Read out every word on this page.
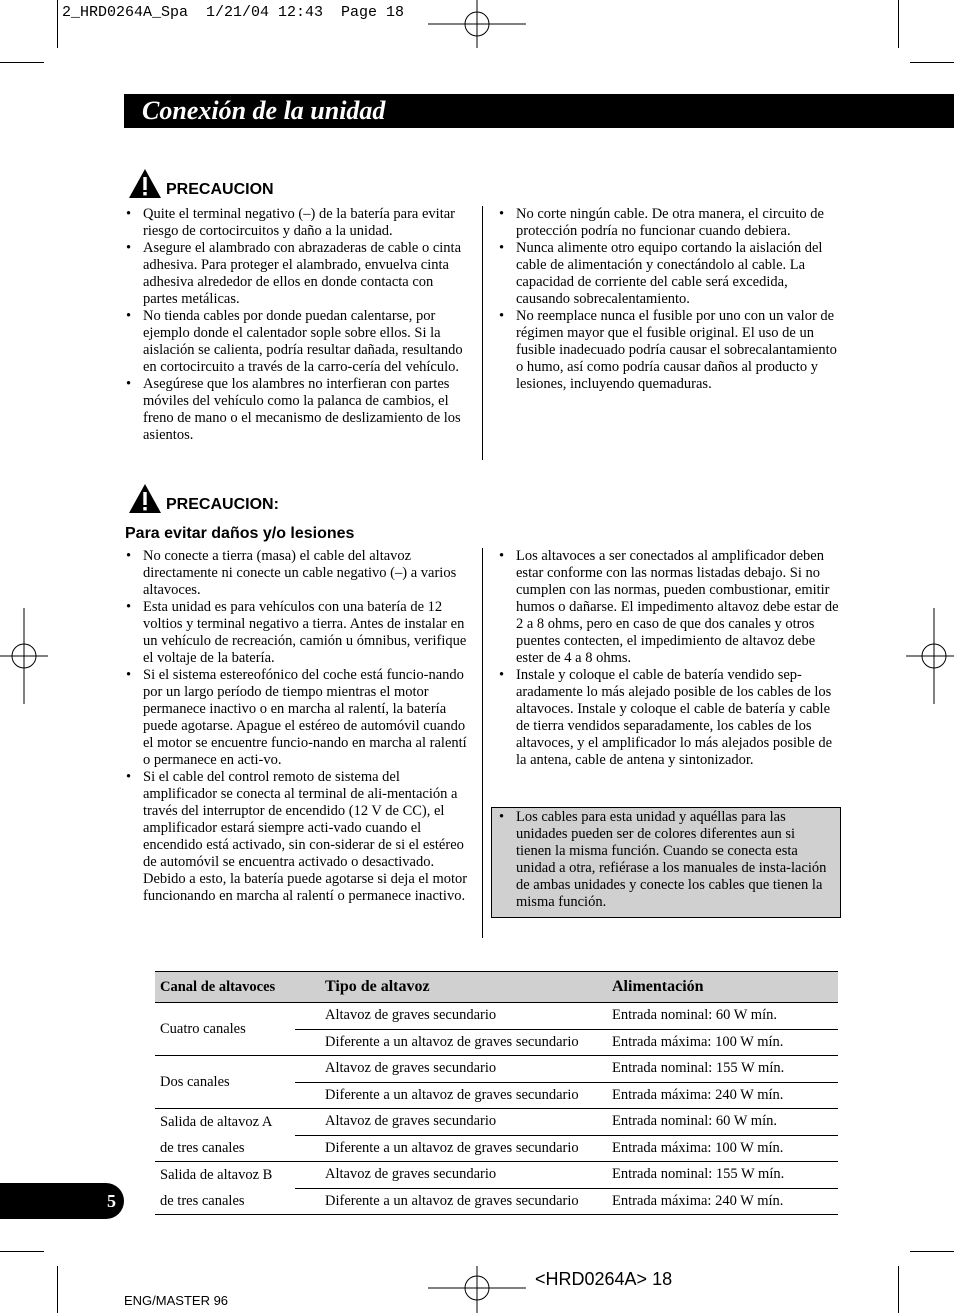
2_HRD0264A_Spa  1/21/04 12:43  Page 18
Conexión de la unidad
PRECAUCION
• Quite el terminal negativo (–) de la batería para evitar riesgo de cortocircuitos y daño a la unidad.
• Asegure el alambrado con abrazaderas de cable o cinta adhesiva. Para proteger el alambrado, envuelva cinta adhesiva alrededor de ellos en donde contacta con partes metálicas.
• No tienda cables por donde puedan calentarse, por ejemplo donde el calentador sople sobre ellos. Si la aislación se calienta, podría resultar dañada, resultando en cortocircuito a través de la carro-cería del vehículo.
• Asegúrese que los alambres no interfieran con partes móviles del vehículo como la palanca de cambios, el freno de mano o el mecanismo de deslizamiento de los asientos.
• No corte ningún cable. De otra manera, el circuito de protección podría no funcionar cuando debiera.
• Nunca alimente otro equipo cortando la aislación del cable de alimentación y conectándolo al cable. La capacidad de corriente del cable será excedida, causando sobrecalentamiento.
• No reemplace nunca el fusible por uno con un valor de régimen mayor que el fusible original. El uso de un fusible inadecuado podría causar el sobrecalantamiento o humo, así como podría causar daños al producto y lesiones, incluyendo quemaduras.
PRECAUCION:
Para evitar daños y/o lesiones
• No conecte a tierra (masa) el cable del altavoz directamente ni conecte un cable negativo (–) a varios altavoces.
• Esta unidad es para vehículos con una batería de 12 voltios y terminal negativo a tierra. Antes de instalar en un vehículo de recreación, camión u ómnibus, verifique el voltaje de la batería.
• Si el sistema estereofónico del coche está funcio-nando por un largo período de tiempo mientras el motor permanece inactivo o en marcha al ralentí, la batería puede agotarse. Apague el estéreo de automóvil cuando el motor se encuentre funcio-nando en marcha al ralentí o permanece en acti-vo.
• Si el cable del control remoto de sistema del amplificador se conecta al terminal de ali-mentación a través del interruptor de encendido (12 V de CC), el amplificador estará siempre acti-vado cuando el encendido está activado, sin con-siderar de si el estéreo de automóvil se encuentra activado o desactivado. Debido a esto, la batería puede agotarse si deja el motor funcionando en marcha al ralentí o permanece inactivo.
• Los altavoces a ser conectados al amplificador deben estar conforme con las normas listadas debajo. Si no cumplen con las normas, pueden combustionar, emitir humos o dañarse. El impedimento altavoz debe estar de 2 a 8 ohms, pero en caso de que dos canales y otros puentes contecten, el impedimiento de altavoz debe ester de 4 a 8 ohms.
• Instale y coloque el cable de batería vendido sep-aradamente lo más alejado posible de los cables de los altavoces. Instale y coloque el cable de batería y cable de tierra vendidos separadamente, los cables de los altavoces, y el amplificador lo más alejados posible de la antena, cable de antena y sintonizador.
• Los cables para esta unidad y aquéllas para las unidades pueden ser de colores diferentes aun si tienen la misma función. Cuando se conecta esta unidad a otra, refiérase a los manuales de insta-lación de ambas unidades y conecte los cables que tienen la misma función.
Canal de altavoces	Tipo de altavoz	Alimentación
Cuatro canales	Altavoz de graves secundario	Entrada nominal: 60 W mín.
	Diferente a un altavoz de graves secundario	Entrada máxima: 100 W mín.
Dos canales	Altavoz de graves secundario	Entrada nominal: 155 W mín.
	Diferente a un altavoz de graves secundario	Entrada máxima: 240 W mín.
Salida de altavoz A	Altavoz de graves secundario	Entrada nominal: 60 W mín.
de tres canales	Diferente a un altavoz de graves secundario	Entrada máxima: 100 W mín.
Salida de altavoz B	Altavoz de graves secundario	Entrada nominal: 155 W mín.
de tres canales	Diferente a un altavoz de graves secundario	Entrada máxima: 240 W mín.
5
<HRD0264A> 18
ENG/MASTER 96
